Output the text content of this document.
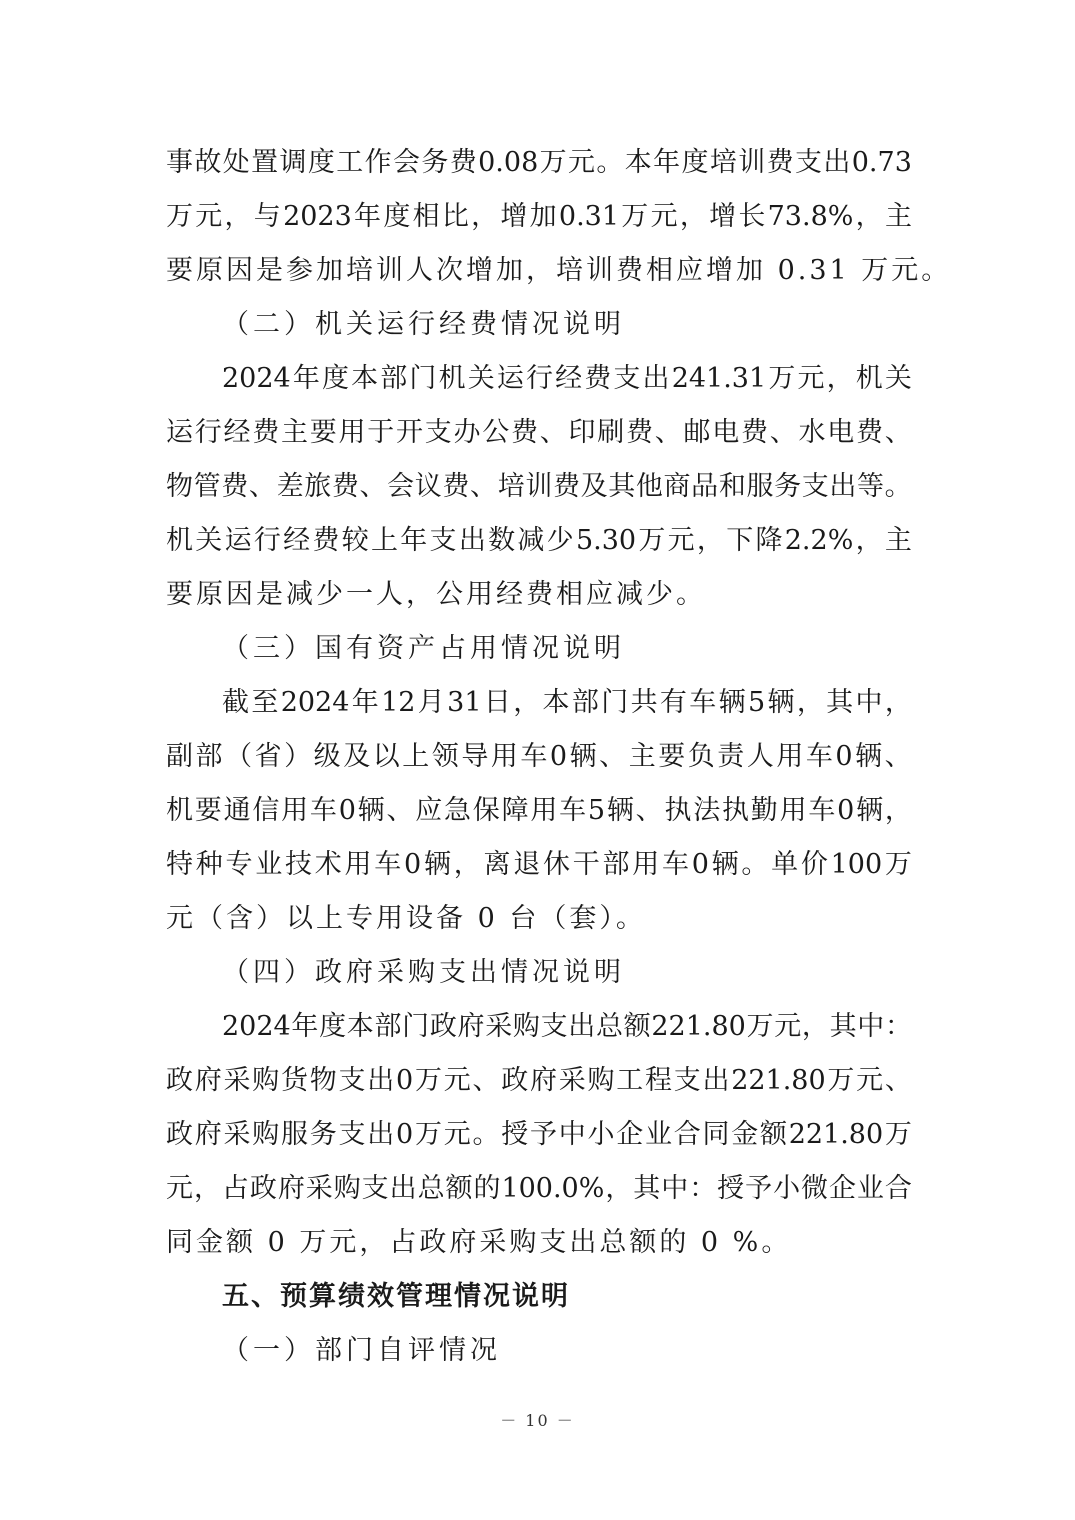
事 故 处 置 调 度 工 作 会 务 费 0.08 万 元 。 本 年 度 培 训 费 支 出 0.73
万 元 ， 与 2023 年 度 相 比 ， 增 加 0.31 万 元 ， 增 长 73.8% ， 主
要原因是参加培训人次增加，培训费相应增加 0.31 万元。
（二）机关运行经费情况说明
2024 年 度 本 部 门 机 关 运 行 经 费 支 出 241.31 万 元 ， 机 关
运 行 经 费 主 要 用 于 开 支 办 公 费 、 印 刷 费 、 邮 电 费 、 水 电 费 、
物 管 费 、 差 旅 费 、 会 议 费 、 培 训 费 及 其 他 商 品 和 服 务 支 出 等 。
机 关 运 行 经 费 较 上 年 支 出 数 减 少 5.30 万 元 ， 下 降 2.2% ， 主
要原因是减少一人，公用经费相应减少。
（三）国有资产占用情况说明
截 至 2024 年 12 月 31 日 ， 本 部 门 共 有 车 辆 5 辆 ， 其 中 ，
副 部 （ 省 ） 级 及 以 上 领 导 用 车 0 辆 、 主 要 负 责 人 用 车 0 辆 、
机 要 通 信 用 车 0 辆 、 应 急 保 障 用 车 5 辆 、 执 法 执 勤 用 车 0 辆 ，
特 种 专 业 技 术 用 车 0 辆 ， 离 退 休 干 部 用 车 0 辆 。 单 价 100 万
元（含）以上专用设备 0 台（套）。
（四）政府采购支出情况说明
2024 年 度 本 部 门 政 府 采 购 支 出 总 额 221.80 万 元 ， 其 中 ：
政 府 采 购 货 物 支 出 0 万 元 、 政 府 采 购 工 程 支 出 221.80 万 元 、
政 府 采 购 服 务 支 出 0 万 元 。 授 予 中 小 企 业 合 同 金 额 221.80 万
元 ， 占 政 府 采 购 支 出 总 额 的 100.0% ， 其 中 ： 授 予 小 微 企 业 合
同金额 0 万元，占政府采购支出总额的 0 %。
五、预算绩效管理情况说明
（一）部门自评情况
－ 10 －
